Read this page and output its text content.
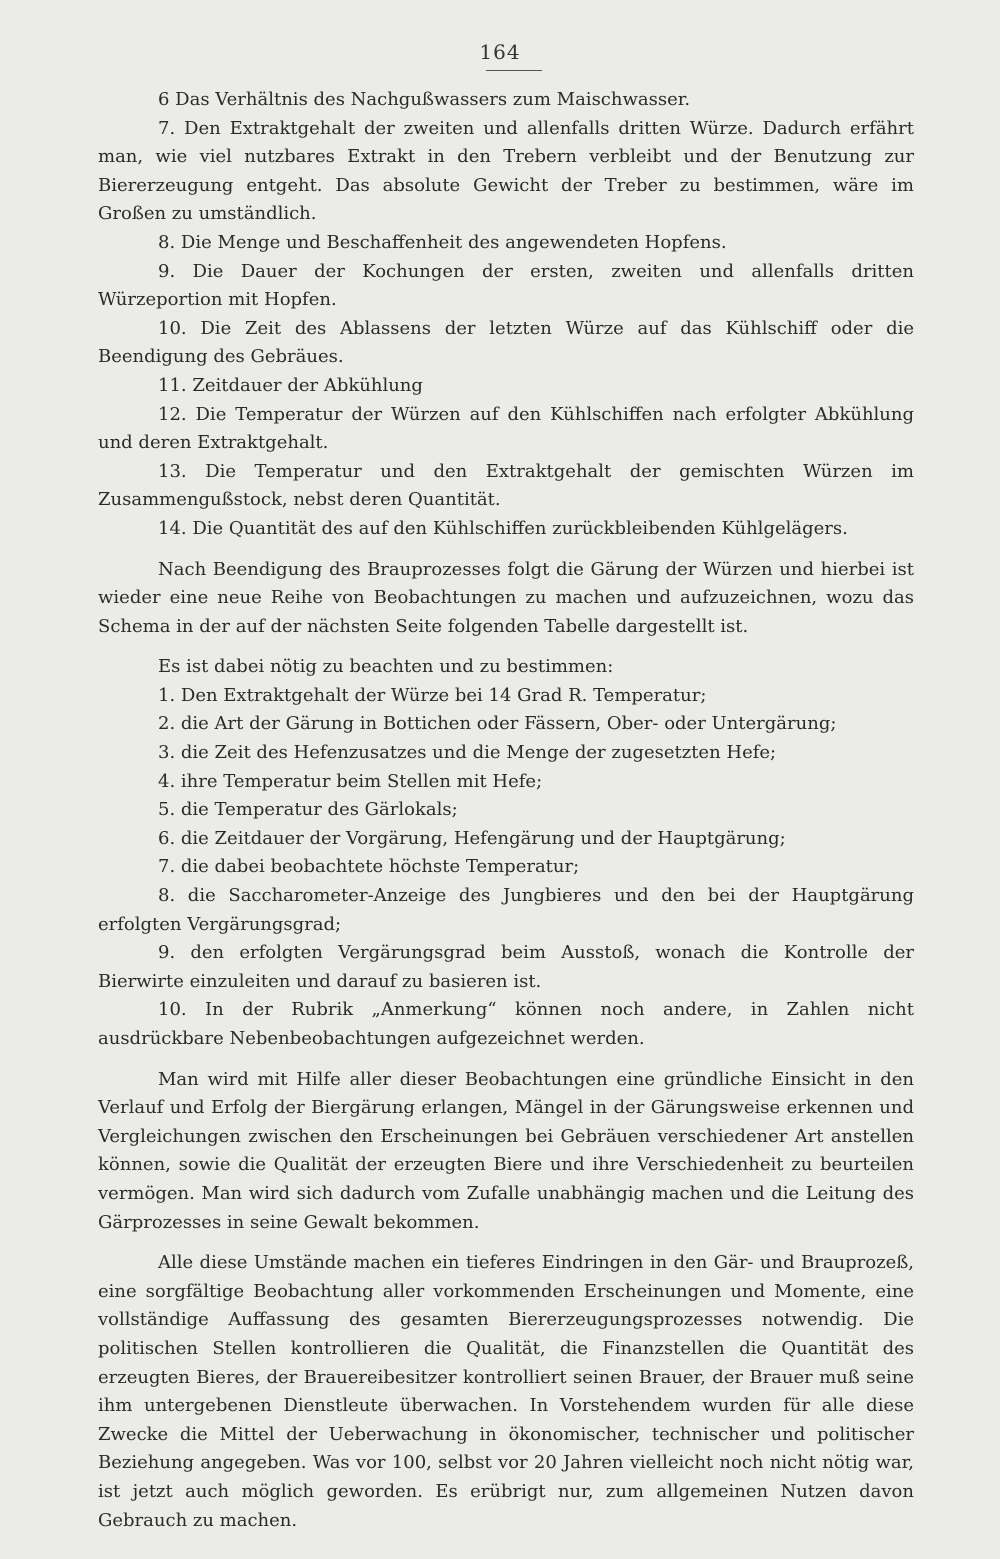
164

6 Das Verhältnis des Nachgußwassers zum Maischwasser.

7. Den Extraktgehalt der zweiten und allenfalls dritten Würze. Dadurch erfährt man, wie viel nutzbares Extrakt in den Trebern verbleibt und der Benutzung zur Biererzeugung entgeht. Das absolute Gewicht der Treber zu bestimmen, wäre im Großen zu umständlich.

8. Die Menge und Beschaffenheit des angewendeten Hopfens.

9. Die Dauer der Kochungen der ersten, zweiten und allenfalls dritten Würzeportion mit Hopfen.

10. Die Zeit des Ablassens der letzten Würze auf das Kühlschiff oder die Beendigung des Gebräues.

11. Zeitdauer der Abkühlung

12. Die Temperatur der Würzen auf den Kühlschiffen nach erfolgter Abkühlung und deren Extraktgehalt.

13. Die Temperatur und den Extraktgehalt der gemischten Würzen im Zusammengußstock, nebst deren Quantität.

14. Die Quantität des auf den Kühlschiffen zurückbleibenden Kühlgelägers.

Nach Beendigung des Brauprozesses folgt die Gärung der Würzen und hierbei ist wieder eine neue Reihe von Beobachtungen zu machen und aufzuzeichnen, wozu das Schema in der auf der nächsten Seite folgenden Tabelle dargestellt ist.

Es ist dabei nötig zu beachten und zu bestimmen:

1. Den Extraktgehalt der Würze bei 14 Grad R. Temperatur;

2. die Art der Gärung in Bottichen oder Fässern, Ober- oder Untergärung;

3. die Zeit des Hefenzusatzes und die Menge der zugesetzten Hefe;

4. ihre Temperatur beim Stellen mit Hefe;

5. die Temperatur des Gärlokals;

6. die Zeitdauer der Vorgärung, Hefengärung und der Hauptgärung;

7. die dabei beobachtete höchste Temperatur;

8. die Saccharometer-Anzeige des Jungbieres und den bei der Hauptgärung erfolgten Vergärungsgrad;

9. den erfolgten Vergärungsgrad beim Ausstoß, wonach die Kontrolle der Bierwirte einzuleiten und darauf zu basieren ist.

10. In der Rubrik „Anmerkung“ können noch andere, in Zahlen nicht ausdrückbare Nebenbeobachtungen aufgezeichnet werden.

Man wird mit Hilfe aller dieser Beobachtungen eine gründliche Einsicht in den Verlauf und Erfolg der Biergärung erlangen, Mängel in der Gärungsweise erkennen und Vergleichungen zwischen den Erscheinungen bei Gebräuen verschiedener Art anstellen können, sowie die Qualität der erzeugten Biere und ihre Verschiedenheit zu beurteilen vermögen. Man wird sich dadurch vom Zufalle unabhängig machen und die Leitung des Gärprozesses in seine Gewalt bekommen.

Alle diese Umstände machen ein tieferes Eindringen in den Gär- und Brauprozeß, eine sorgfältige Beobachtung aller vorkommenden Erscheinungen und Momente, eine vollständige Auffassung des gesamten Biererzeugungsprozesses notwendig. Die politischen Stellen kontrollieren die Qualität, die Finanzstellen die Quantität des erzeugten Bieres, der Brauereibesitzer kontrolliert seinen Brauer, der Brauer muß seine ihm untergebenen Dienstleute überwachen. In Vorstehendem wurden für alle diese Zwecke die Mittel der Ueberwachung in ökonomischer, technischer und politischer Beziehung angegeben. Was vor 100, selbst vor 20 Jahren vielleicht noch nicht nötig war, ist jetzt auch möglich geworden. Es erübrigt nur, zum allgemeinen Nutzen davon Gebrauch zu machen.
